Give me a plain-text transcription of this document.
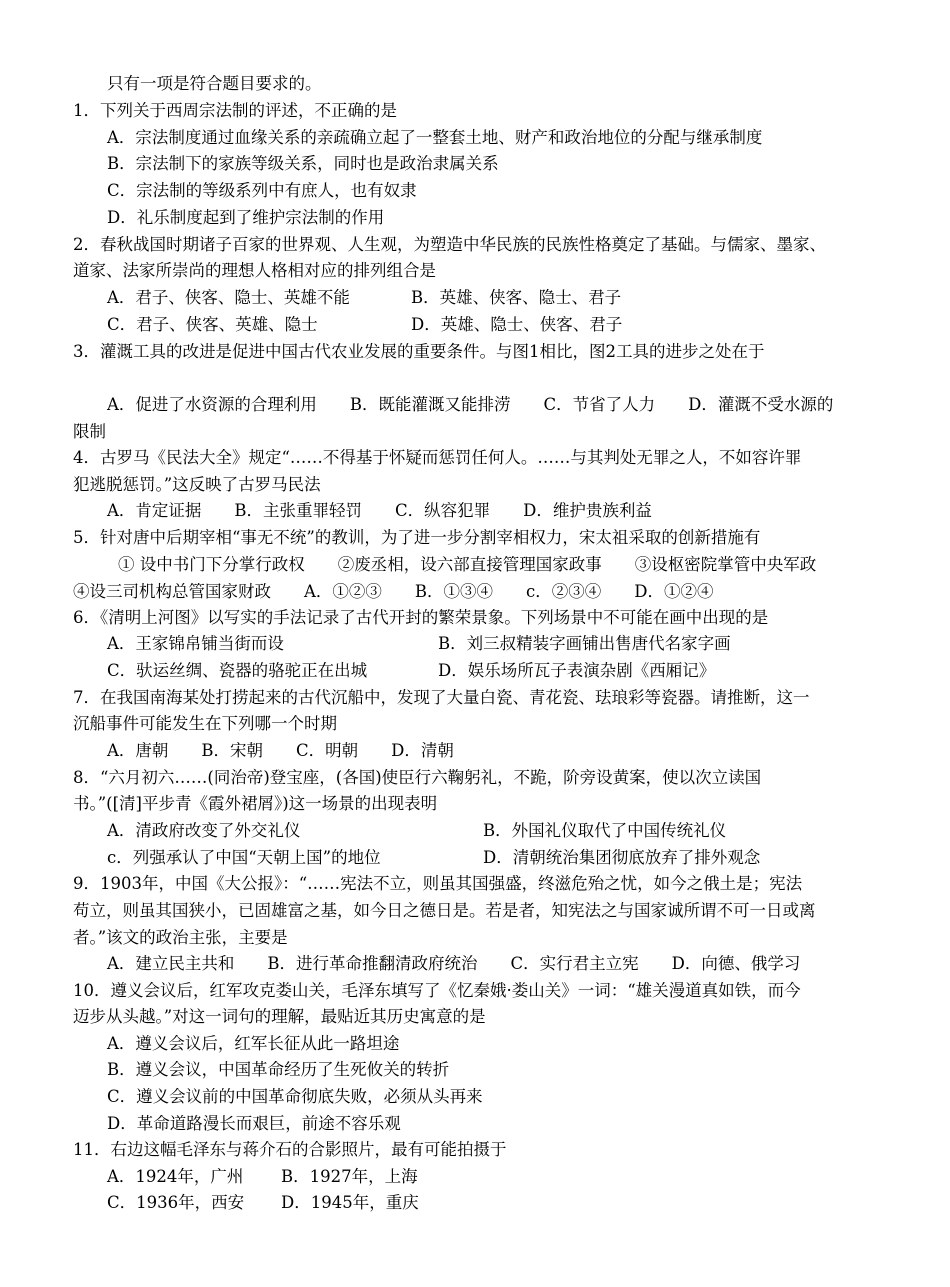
只有一项是符合题目要求的。
1．下列关于西周宗法制的评述，不正确的是
A．宗法制度通过血缘关系的亲疏确立起了一整套土地、财产和政治地位的分配与继承制度
B．宗法制下的家族等级关系，同时也是政治隶属关系
C．宗法制的等级系列中有庶人，也有奴隶
D．礼乐制度起到了维护宗法制的作用
2．春秋战国时期诸子百家的世界观、人生观，为塑造中华民族的民族性格奠定了基础。与儒家、墨家、
道家、法家所崇尚的理想人格相对应的排列组合是
A．君子、侠客、隐士、英雄不能	B．英雄、侠客、隐士、君子
C．君子、侠客、英雄、隐士	D．英雄、隐士、侠客、君子
3．灌溉工具的改进是促进中国古代农业发展的重要条件。与图1相比，图2工具的进步之处在于
A．促进了水资源的合理利用　　B．既能灌溉又能排涝　　C．节省了人力　　D．灌溉不受水源的
限制
4．古罗马《民法大全》规定“……不得基于怀疑而惩罚任何人。……与其判处无罪之人，不如容许罪
犯逃脱惩罚。”这反映了古罗马民法
A．肯定证据　　B．主张重罪轻罚　　C．纵容犯罪　　D．维护贵族利益
5．针对唐中后期宰相“事无不统”的教训，为了进一步分割宰相权力，宋太祖采取的创新措施有
① 设中书门下分掌行政权　　②废丞相，设六部直接管理国家政事　　③设枢密院掌管中央军政
④设三司机构总管国家财政　　A．①②③　　B．①③④　　c．②③④　　D．①②④
6．《清明上河图》以写实的手法记录了古代开封的繁荣景象。下列场景中不可能在画中出现的是
A．王家锦帛铺当街而设	B．刘三叔精装字画铺出售唐代名家字画
C．驮运丝绸、瓷器的骆驼正在出城	D．娱乐场所瓦子表演杂剧《西厢记》
7．在我国南海某处打捞起来的古代沉船中，发现了大量白瓷、青花瓷、珐琅彩等瓷器。请推断，这一
沉船事件可能发生在下列哪一个时期
A．唐朝　　B．宋朝　　C．明朝　　D．清朝
8．“六月初六……(同治帝)登宝座，(各国)使臣行六鞠躬礼，不跪，阶旁设黄案，使以次立读国
书。”([清]平步青《霞外裙屑》)这一场景的出现表明
A．清政府改变了外交礼仪	B．外国礼仪取代了中国传统礼仪
c．列强承认了中国“天朝上国”的地位	D．清朝统治集团彻底放弃了排外观念
9．1903年，中国《大公报》：“……宪法不立，则虽其国强盛，终滋危殆之忧，如今之俄土是；宪法
苟立，则虽其国狭小，已固雄富之基，如今日之德日是。若是者，知宪法之与国家诚所谓不可一日或离
者。”该文的政治主张，主要是
A．建立民主共和　　B．进行革命推翻清政府统治　　C．实行君主立宪　　D．向德、俄学习
10．遵义会议后，红军攻克娄山关，毛泽东填写了《忆秦娥·娄山关》一词：“雄关漫道真如铁，而今
迈步从头越。”对这一词句的理解，最贴近其历史寓意的是
A．遵义会议后，红军长征从此一路坦途
B．遵义会议，中国革命经历了生死攸关的转折
C．遵义会议前的中国革命彻底失败，必须从头再来
D．革命道路漫长而艰巨，前途不容乐观
11．右边这幅毛泽东与蒋介石的合影照片，最有可能拍摄于
A．1924年，广州 B．1927年，上海
C．1936年，西安 D．1945年，重庆
